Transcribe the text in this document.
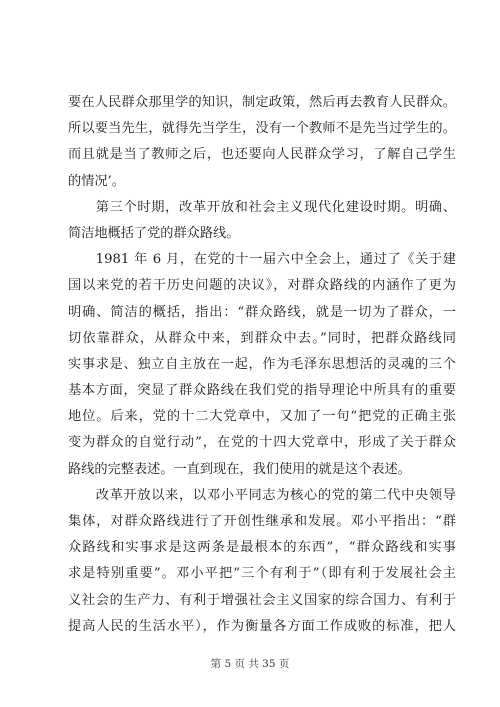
要在人民群众那里学的知识，制定政策，然后再去教育人民群众。
所以要当先生，就得先当学生，没有一个教师不是先当过学生的。
而且就是当了教师之后，也还要向人民群众学习，了解自己学生
的情况’。
　　第三个时期，改革开放和社会主义现代化建设时期。明确、
简洁地概括了党的群众路线。
　　1981 年 6 月，在党的十一届六中全会上，通过了《关于建
国以来党的若干历史问题的决议》，对群众路线的内涵作了更为
明确、简洁的概括，指出：“群众路线，就是一切为了群众，一
切依靠群众，从群众中来，到群众中去。”同时，把群众路线同
实事求是、独立自主放在一起，作为毛泽东思想活的灵魂的三个
基本方面，突显了群众路线在我们党的指导理论中所具有的重要
地位。后来，党的十二大党章中，又加了一句“把党的正确主张
变为群众的自觉行动”，在党的十四大党章中，形成了关于群众
路线的完整表述。一直到现在，我们使用的就是这个表述。
　　改革开放以来，以邓小平同志为核心的党的第二代中央领导
集体，对群众路线进行了开创性继承和发展。邓小平指出：“群
众路线和实事求是这两条是最根本的东西”，“群众路线和实事
求是特别重要”。邓小平把“三个有利于”（即有利于发展社会主
义社会的生产力、有利于增强社会主义国家的综合国力、有利于
提高人民的生活水平），作为衡量各方面工作成败的标准，把人
第 5 页 共 35 页
